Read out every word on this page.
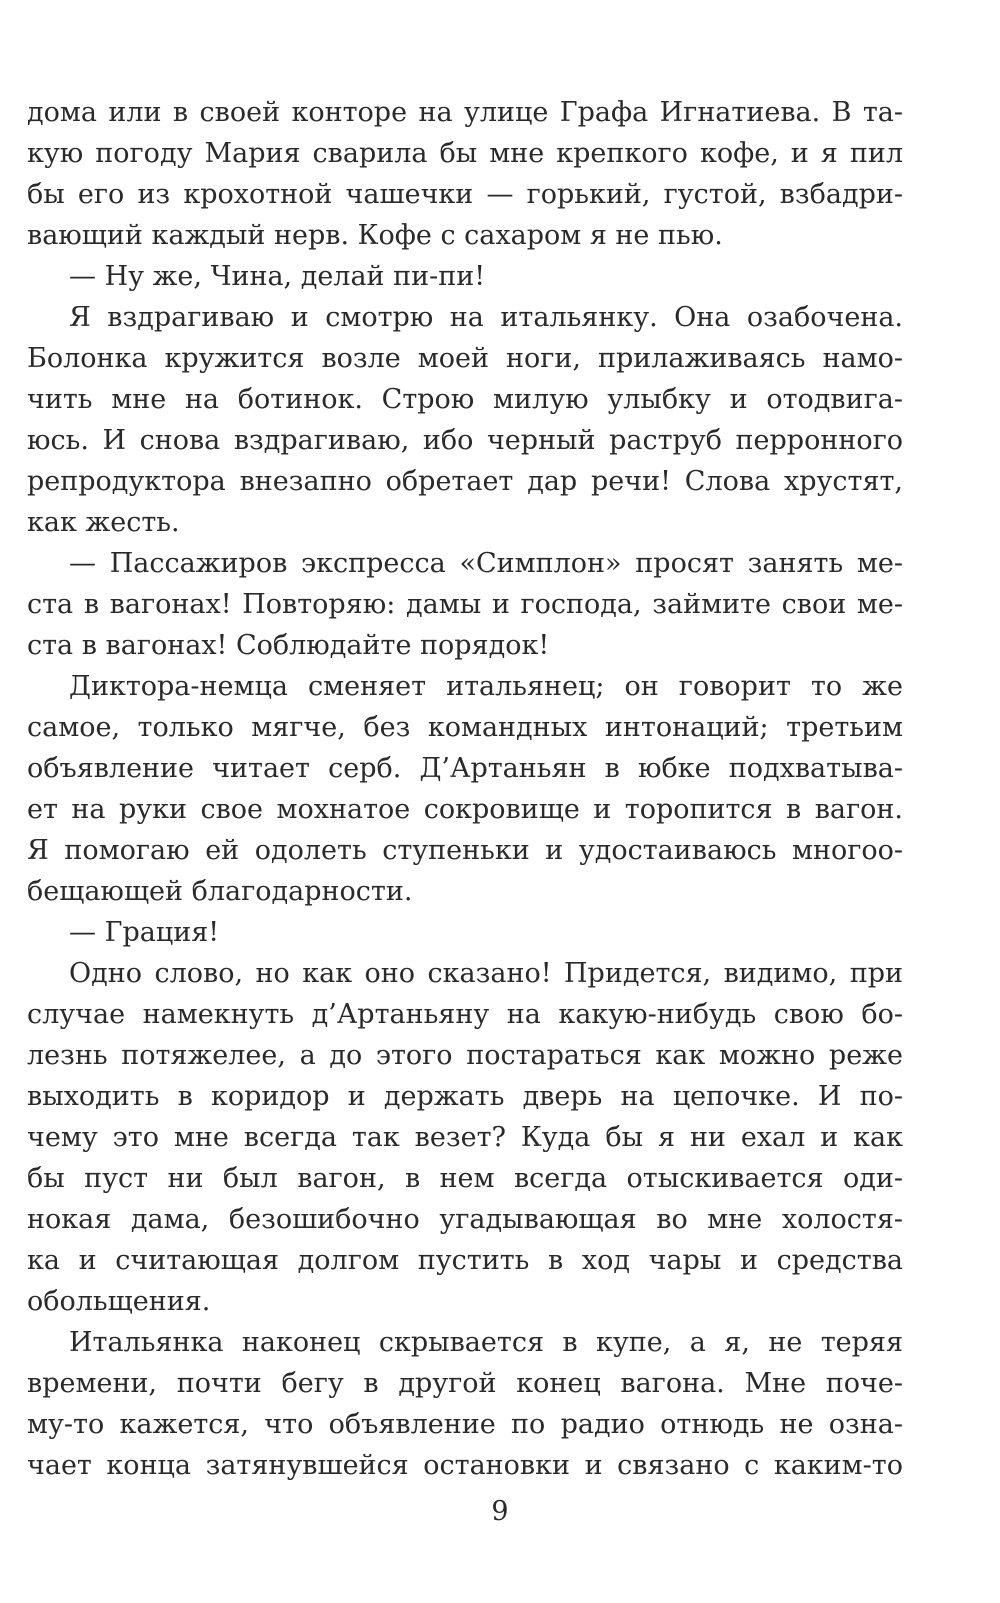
дома или в своей конторе на улице Графа Игнатиева. В та-
кую погоду Мария сварила бы мне крепкого кофе, и я пил
бы его из крохотной чашечки — горький, густой, взбадри-
вающий каждый нерв. Кофе с сахаром я не пью.
— Ну же, Чина, делай пи-пи!
Я вздрагиваю и смотрю на итальянку. Она озабочена.
Болонка кружится возле моей ноги, прилаживаясь намо-
чить мне на ботинок. Строю милую улыбку и отодвига-
юсь. И снова вздрагиваю, ибо черный раструб перронного
репродуктора внезапно обретает дар речи! Слова хрустят,
как жесть.
— Пассажиров экспресса «Симплон» просят занять ме-
ста в вагонах! Повторяю: дамы и господа, займите свои ме-
ста в вагонах! Соблюдайте порядок!
Диктора-немца сменяет итальянец; он говорит то же
самое, только мягче, без командных интонаций; третьим
объявление читает серб. Д’Артаньян в юбке подхватыва-
ет на руки свое мохнатое сокровище и торопится в вагон.
Я помогаю ей одолеть ступеньки и удостаиваюсь многоо-
бещающей благодарности.
— Грация!
Одно слово, но как оно сказано! Придется, видимо, при
случае намекнуть д’Артаньяну на какую-нибудь свою бо-
лезнь потяжелее, а до этого постараться как можно реже
выходить в коридор и держать дверь на цепочке. И по-
чему это мне всегда так везет? Куда бы я ни ехал и как
бы пуст ни был вагон, в нем всегда отыскивается оди-
нокая дама, безошибочно угадывающая во мне холостя-
ка и считающая долгом пустить в ход чары и средства
обольщения.
Итальянка наконец скрывается в купе, а я, не теряя
времени, почти бегу в другой конец вагона. Мне поче-
му-то кажется, что объявление по радио отнюдь не озна-
чает конца затянувшейся остановки и связано с каким-то
9
